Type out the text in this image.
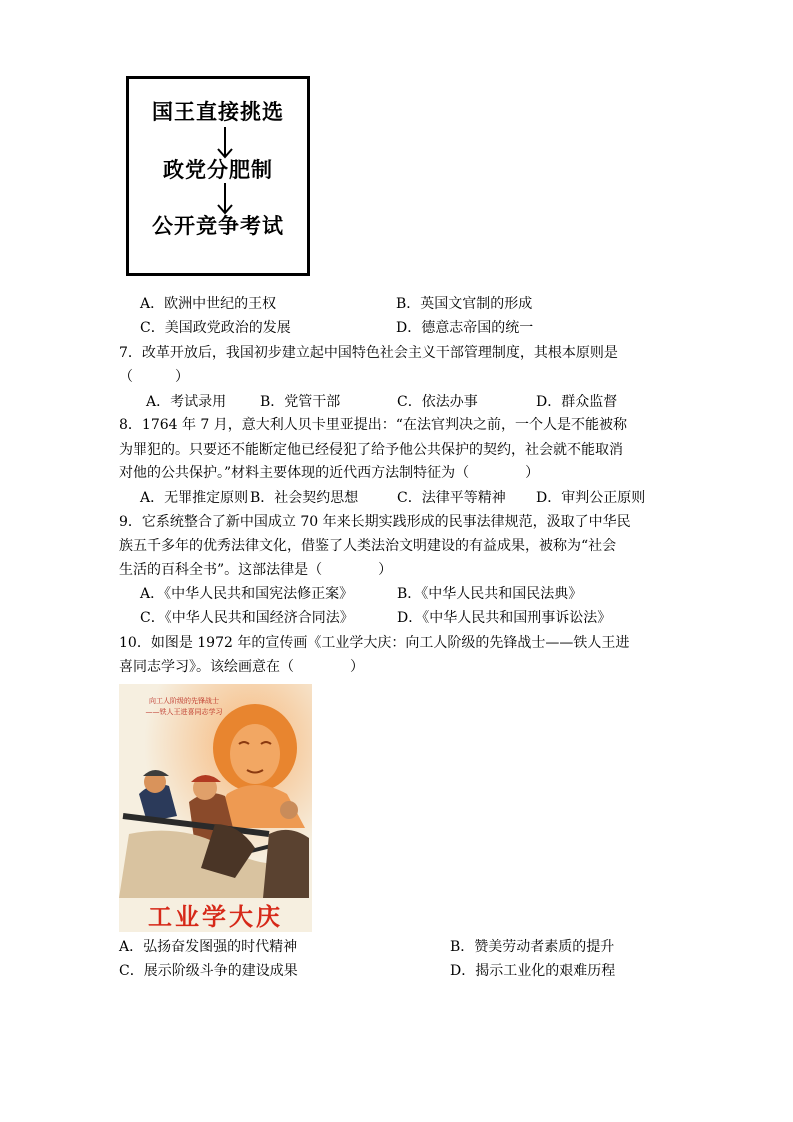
国王直接挑选
政党分肥制
公开竞争考试
A．欧洲中世纪的王权	B．英国文官制的形成
C．美国政党政治的发展	D．德意志帝国的统一
7．改革开放后，我国初步建立起中国特色社会主义干部管理制度，其根本原则是
（　　　）
A．考试录用 B．党管干部	C．依法办事	D．群众监督
8．1764 年 7 月，意大利人贝卡里亚提出：“在法官判决之前，一个人是不能被称
为罪犯的。只要还不能断定他已经侵犯了给予他公共保护的契约，社会就不能取消
对他的公共保护。”材料主要体现的近代西方法制特征为（　　　　）
A．无罪推定原则 B．社会契约思想	C．法律平等精神 D．审判公正原则
9．它系统整合了新中国成立 70 年来长期实践形成的民事法律规范，汲取了中华民
族五千多年的优秀法律文化，借鉴了人类法治文明建设的有益成果，被称为“社会
生活的百科全书”。这部法律是（　　　　）
A．《中华人民共和国宪法修正案》	B．《中华人民共和国民法典》
C．《中华人民共和国经济合同法》	D．《中华人民共和国刑事诉讼法》
10．如图是 1972 年的宣传画《工业学大庆：向工人阶级的先锋战士——铁人王进
喜同志学习》。该绘画意在（　　　　）
向工人阶级的先锋战士
——铁人王进喜同志学习
工业学大庆
A．弘扬奋发图强的时代精神	B．赞美劳动者素质的提升
C．展示阶级斗争的建设成果	D．揭示工业化的艰难历程
